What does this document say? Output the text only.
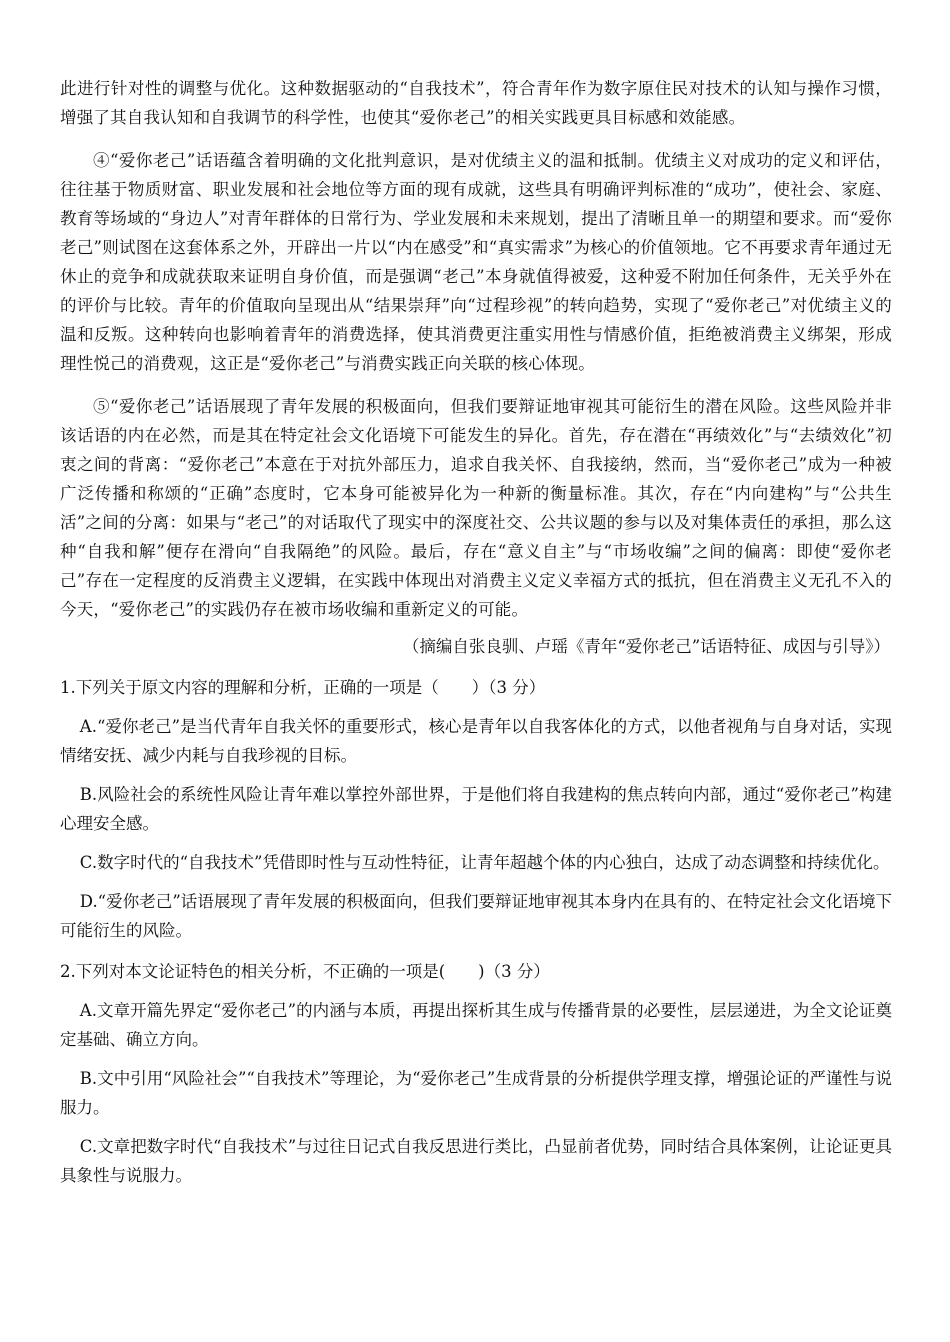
此进行针对性的调整与优化。这种数据驱动的“自我技术”，符合青年作为数字原住民对技术的认知与操作习惯，增强了其自我认知和自我调节的科学性，也使其“爱你老己”的相关实践更具目标感和效能感。

④“爱你老己”话语蕴含着明确的文化批判意识，是对优绩主义的温和抵制。优绩主义对成功的定义和评估，往往基于物质财富、职业发展和社会地位等方面的现有成就，这些具有明确评判标准的“成功”，使社会、家庭、教育等场域的“身边人”对青年群体的日常行为、学业发展和未来规划，提出了清晰且单一的期望和要求。而“爱你老己”则试图在这套体系之外，开辟出一片以“内在感受”和“真实需求”为核心的价值领地。它不再要求青年通过无休止的竞争和成就获取来证明自身价值，而是强调“老己”本身就值得被爱，这种爱不附加任何条件，无关乎外在的评价与比较。青年的价值取向呈现出从“结果崇拜”向“过程珍视”的转向趋势，实现了“爱你老己”对优绩主义的温和反叛。这种转向也影响着青年的消费选择，使其消费更注重实用性与情感价值，拒绝被消费主义绑架，形成理性悦己的消费观，这正是“爱你老己”与消费实践正向关联的核心体现。

⑤“爱你老己”话语展现了青年发展的积极面向，但我们要辩证地审视其可能衍生的潜在风险。这些风险并非该话语的内在必然，而是其在特定社会文化语境下可能发生的异化。首先，存在潜在“再绩效化”与“去绩效化”初衷之间的背离：“爱你老己”本意在于对抗外部压力，追求自我关怀、自我接纳，然而，当“爱你老己”成为一种被广泛传播和称颂的“正确”态度时，它本身可能被异化为一种新的衡量标准。其次，存在“内向建构”与“公共生活”之间的分离：如果与“老己”的对话取代了现实中的深度社交、公共议题的参与以及对集体责任的承担，那么这种“自我和解”便存在滑向“自我隔绝”的风险。最后，存在“意义自主”与“市场收编”之间的偏离：即使“爱你老己”存在一定程度的反消费主义逻辑，在实践中体现出对消费主义定义幸福方式的抵抗，但在消费主义无孔不入的今天，“爱你老己”的实践仍存在被市场收编和重新定义的可能。

（摘编自张良驯、卢瑶《青年“爱你老己”话语特征、成因与引导》）
1.下列关于原文内容的理解和分析，正确的一项是（　　）（3 分）
A.“爱你老己”是当代青年自我关怀的重要形式，核心是青年以自我客体化的方式，以他者视角与自身对话，实现情绪安抚、减少内耗与自我珍视的目标。
B.风险社会的系统性风险让青年难以掌控外部世界，于是他们将自我建构的焦点转向内部，通过“爱你老己”构建心理安全感。
C.数字时代的“自我技术”凭借即时性与互动性特征，让青年超越个体的内心独白，达成了动态调整和持续优化。
D.“爱你老己”话语展现了青年发展的积极面向，但我们要辩证地审视其本身内在具有的、在特定社会文化语境下可能衍生的风险。
2.下列对本文论证特色的相关分析，不正确的一项是(　　)（3 分）
A.文章开篇先界定“爱你老己”的内涵与本质，再提出探析其生成与传播背景的必要性，层层递进，为全文论证奠定基础、确立方向。
B.文中引用“风险社会”“自我技术”等理论，为“爱你老己”生成背景的分析提供学理支撑，增强论证的严谨性与说服力。
C.文章把数字时代“自我技术”与过往日记式自我反思进行类比，凸显前者优势，同时结合具体案例，让论证更具具象性与说服力。
